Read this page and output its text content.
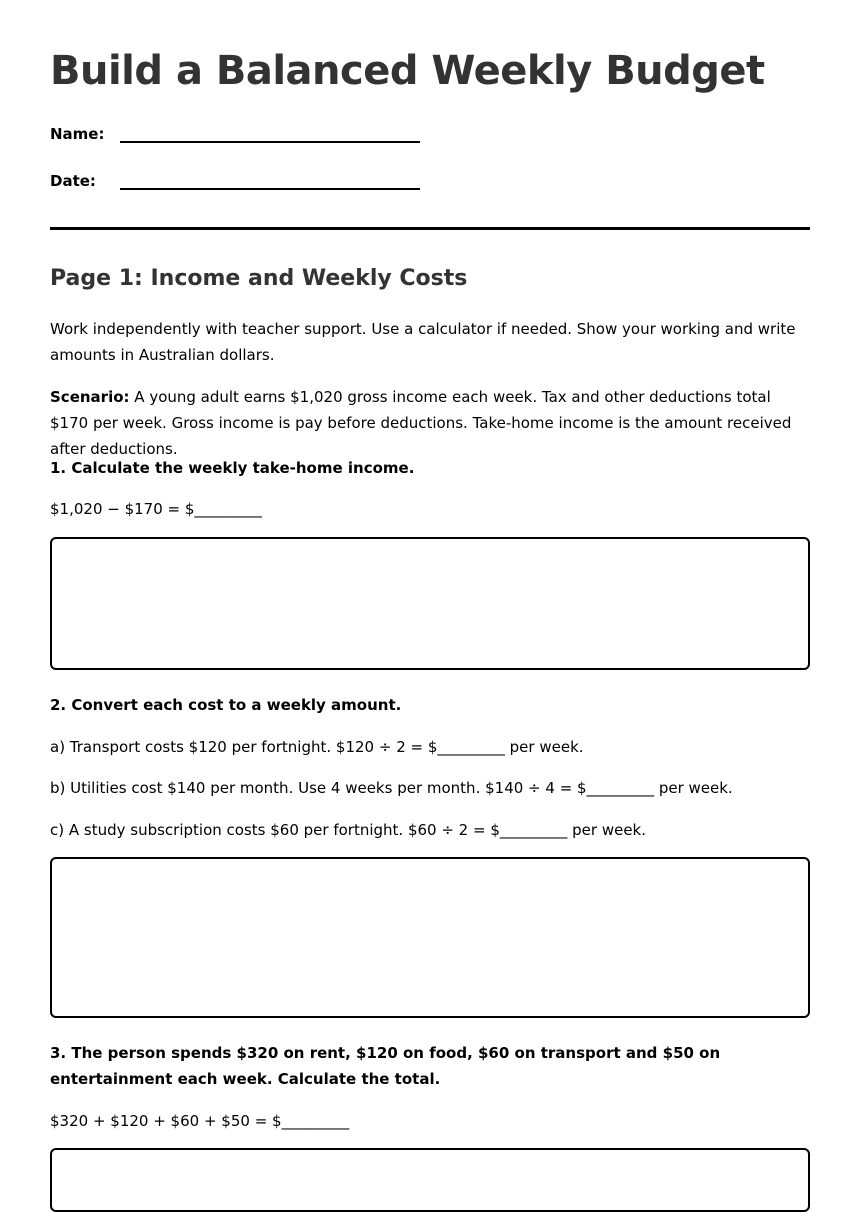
Build a Balanced Weekly Budget
Name:
Date:
Page 1: Income and Weekly Costs
Work independently with teacher support. Use a calculator if needed. Show your working and write amounts in Australian dollars.
Scenario: A young adult earns $1,020 gross income each week. Tax and other deductions total $170 per week. Gross income is pay before deductions. Take-home income is the amount received after deductions.
1. Calculate the weekly take-home income.
$1,020 − $170 = $_________
2. Convert each cost to a weekly amount.
a) Transport costs $120 per fortnight. $120 ÷ 2 = $_________ per week.
b) Utilities cost $140 per month. Use 4 weeks per month. $140 ÷ 4 = $_________ per week.
c) A study subscription costs $60 per fortnight. $60 ÷ 2 = $_________ per week.
3. The person spends $320 on rent, $120 on food, $60 on transport and $50 on entertainment each week. Calculate the total.
$320 + $120 + $60 + $50 = $_________
